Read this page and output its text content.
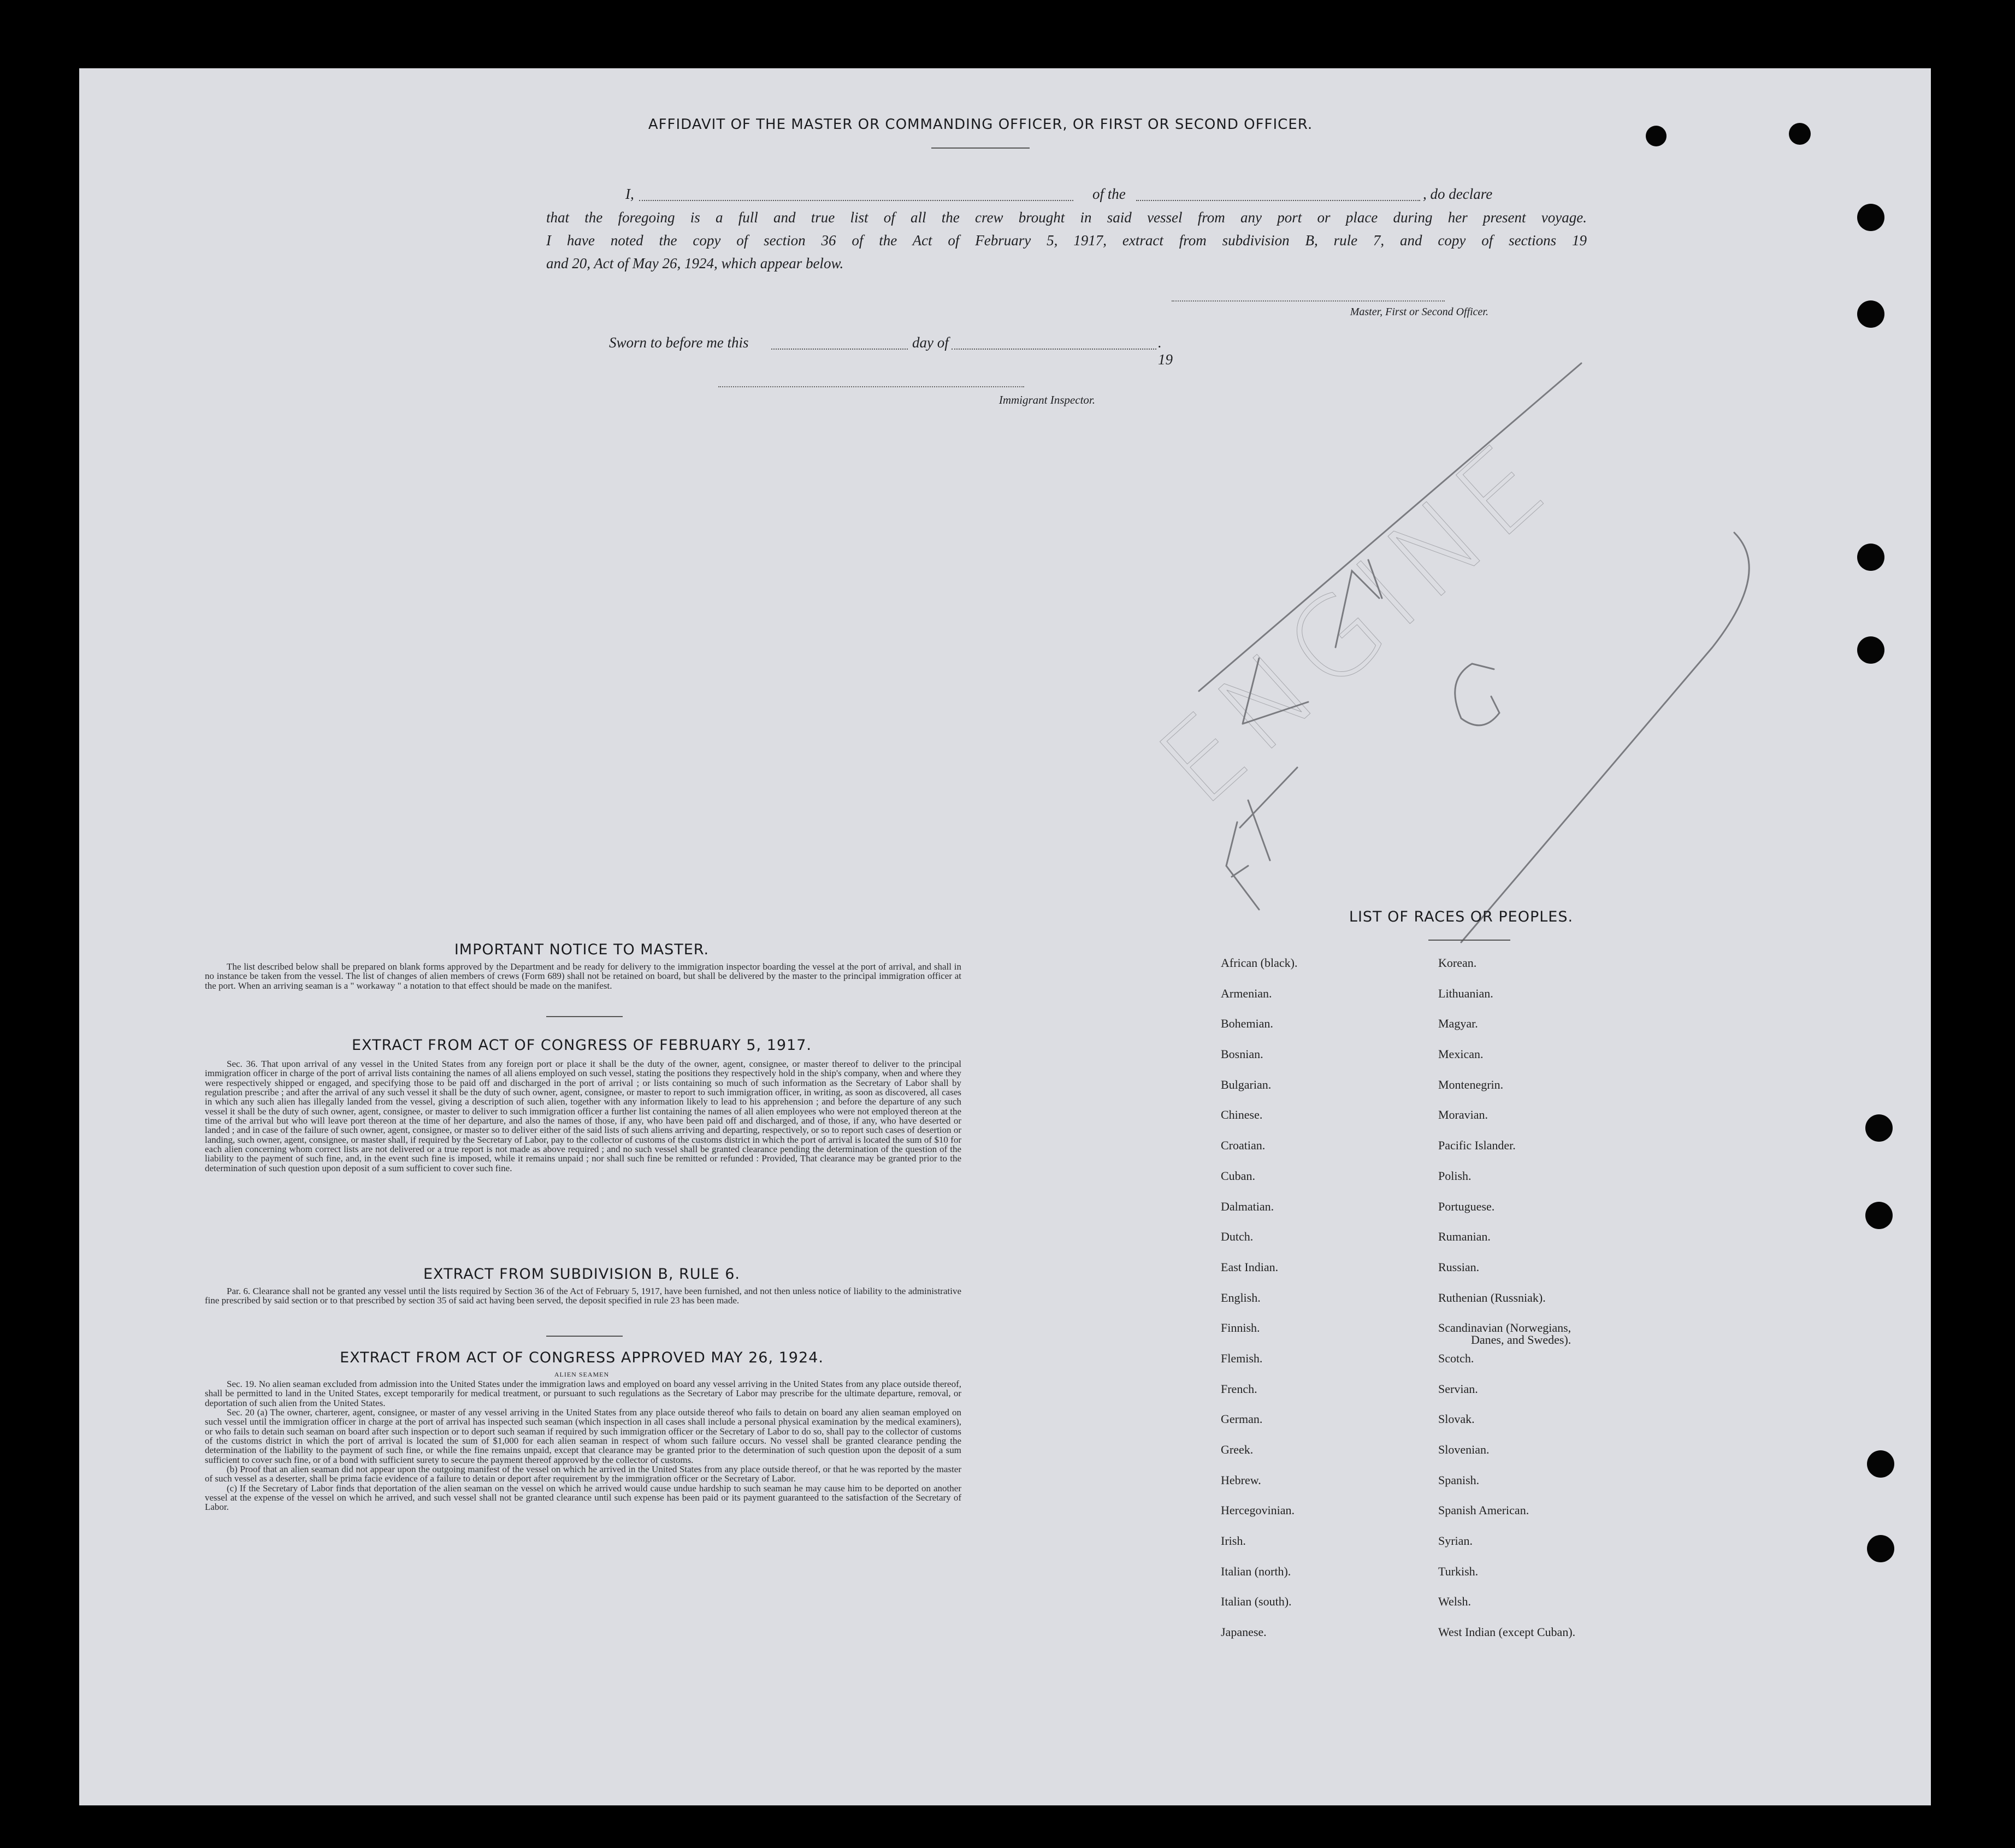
AFFIDAVIT OF THE MASTER OR COMMANDING OFFICER, OR FIRST OR SECOND OFFICER.
I,	of the	, do declare
that the foregoing is a full and true list of all the crew brought in said vessel from any port or place during her present voyage.
I have noted the copy of section 36 of the Act of February 5, 1917, extract from subdivision B, rule 7, and copy of sections 19
and 20, Act of May 26, 1924, which appear below.
Master, First or Second Officer.
Sworn to before me this	day of	. 19
Immigrant Inspector.
ENGINE
IMPORTANT NOTICE TO MASTER.

The list described below shall be prepared on blank forms approved by the Department and be ready for delivery to the immigration inspector boarding the vessel at the port of arrival, and shall in no instance be taken from the vessel. The list of changes of alien members of crews (Form 689) shall not be retained on board, but shall be delivered by the master to the principal immigration officer at the port. When an arriving seaman is a " workaway " a notation to that effect should be made on the manifest.

EXTRACT FROM ACT OF CONGRESS OF FEBRUARY 5, 1917.

Sec. 36. That upon arrival of any vessel in the United States from any foreign port or place it shall be the duty of the owner, agent, consignee, or master thereof to deliver to the principal immigration officer in charge of the port of arrival lists containing the names of all aliens employed on such vessel, stating the positions they respectively hold in the ship's company, when and where they were respectively shipped or engaged, and specifying those to be paid off and discharged in the port of arrival ; or lists containing so much of such information as the Secretary of Labor shall by regulation prescribe ; and after the arrival of any such vessel it shall be the duty of such owner, agent, consignee, or master to report to such immigration officer, in writing, as soon as discovered, all cases in which any such alien has illegally landed from the vessel, giving a description of such alien, together with any information likely to lead to his apprehension ; and before the departure of any such vessel it shall be the duty of such owner, agent, consignee, or master to deliver to such immigration officer a further list containing the names of all alien employees who were not employed thereon at the time of the arrival but who will leave port thereon at the time of her departure, and also the names of those, if any, who have been paid off and discharged, and of those, if any, who have deserted or landed ; and in case of the failure of such owner, agent, consignee, or master so to deliver either of the said lists of such aliens arriving and departing, respectively, or so to report such cases of desertion or landing, such owner, agent, consignee, or master shall, if required by the Secretary of Labor, pay to the collector of customs of the customs district in which the port of arrival is located the sum of $10 for each alien concerning whom correct lists are not delivered or a true report is not made as above required ; and no such vessel shall be granted clearance pending the determination of the question of the liability to the payment of such fine, and, in the event such fine is imposed, while it remains unpaid ; nor shall such fine be remitted or refunded : Provided, That clearance may be granted prior to the determination of such question upon deposit of a sum sufficient to cover such fine.

EXTRACT FROM SUBDIVISION B, RULE 6.

Par. 6. Clearance shall not be granted any vessel until the lists required by Section 36 of the Act of February 5, 1917, have been furnished, and not then unless notice of liability to the administrative fine prescribed by said section or to that prescribed by section 35 of said act having been served, the deposit specified in rule 23 has been made.

EXTRACT FROM ACT OF CONGRESS APPROVED MAY 26, 1924.
ALIEN SEAMEN

Sec. 19. No alien seaman excluded from admission into the United States under the immigration laws and employed on board any vessel arriving in the United States from any place outside thereof, shall be permitted to land in the United States, except temporarily for medical treatment, or pursuant to such regulations as the Secretary of Labor may prescribe for the ultimate departure, removal, or deportation of such alien from the United States.

Sec. 20 (a) The owner, charterer, agent, consignee, or master of any vessel arriving in the United States from any place outside thereof who fails to detain on board any alien seaman employed on such vessel until the immigration officer in charge at the port of arrival has inspected such seaman (which inspection in all cases shall include a personal physical examination by the medical examiners), or who fails to detain such seaman on board after such inspection or to deport such seaman if required by such immigration officer or the Secretary of Labor to do so, shall pay to the collector of customs of the customs district in which the port of arrival is located the sum of $1,000 for each alien seaman in respect of whom such failure occurs. No vessel shall be granted clearance pending the determination of the liability to the payment of such fine, or while the fine remains unpaid, except that clearance may be granted prior to the determination of such question upon the deposit of a sum sufficient to cover such fine, or of a bond with sufficient surety to secure the payment thereof approved by the collector of customs.

(b) Proof that an alien seaman did not appear upon the outgoing manifest of the vessel on which he arrived in the United States from any place outside thereof, or that he was reported by the master of such vessel as a deserter, shall be prima facie evidence of a failure to detain or deport after requirement by the immigration officer or the Secretary of Labor.

(c) If the Secretary of Labor finds that deportation of the alien seaman on the vessel on which he arrived would cause undue hardship to such seaman he may cause him to be deported on another vessel at the expense of the vessel on which he arrived, and such vessel shall not be granted clearance until such expense has been paid or its payment guaranteed to the satisfaction of the Secretary of Labor.

LIST OF RACES OR PEOPLES.
African (black).
Armenian.
Bohemian.
Bosnian.
Bulgarian.
Chinese.
Croatian.
Cuban.
Dalmatian.
Dutch.
East Indian.
English.
Finnish.
Flemish.
French.
German.
Greek.
Hebrew.
Hercegovinian.
Irish.
Italian (north).
Italian (south).
Japanese.
Korean.
Lithuanian.
Magyar.
Mexican.
Montenegrin.
Moravian.
Pacific Islander.
Polish.
Portuguese.
Rumanian.
Russian.
Ruthenian (Russniak).
Scandinavian (Norwegians,
Danes, and Swedes).
Scotch.
Servian.
Slovak.
Slovenian.
Spanish.
Spanish American.
Syrian.
Turkish.
Welsh.
West Indian (except Cuban).
